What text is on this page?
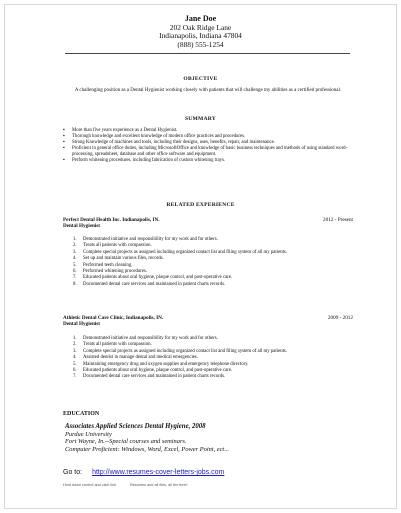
Jane Doe
202 Oak Ridge Lane
Indianapolis, Indiana 47804
(888) 555-1254
OBJECTIVE
A challenging position as a Dental Hygienist working closely with patients that will challenge my abilities as a certified professional.
SUMMARY
▪ More than five years experience as a Dental Hygienist.
▪ Thorough knowledge and excellent knowledge of modern office practices and procedures.
▪ Strong Knowledge of machines and tools, including their designs, uses, benefits, repair, and maintenance.
▪ Proficient in general office duties, including MicrosoftOffice and knowledge of basic business techniques and methods of using standard word-processing, spreadsheet, database and other office software and equipment.
▪ Perform whitening procedures, including fabrication of custom whitening trays.
RELATED EXPERIENCE
Perfect Dental Health Inc. Indianapolis, IN.	2012 - Present
Dental Hygienist
1.	Demonstrated initiative and responsibility for my work and for others.
2.	Treats all patients with compassion.
3.	Complete special projects as assigned including organized contact list and filing system of all my patients.
4.	Set up and maintain various files, records.
5.	Performed teeth cleaning.
6.	Performed whitening procedures.
7.	Educated patients about oral hygiene, plaque control, and post-operative care.
8.	Documented dental care services and maintained in patient charts records.
Athletic Dental Care Clinic, Indianapolis, IN.	2009 - 2012
Dental Hygienist
1.	Demonstrated initiative and responsibility for my work and for others.
2.	Treats all patients with compassion.
3.	Complete special projects as assigned including organized contact list and filing system of all my patients.
4.	Assisted dentist in manage dental and medical emergencies.
5.	Maintaining emergency drug and oxygen supplies and emergency telephone directory.
6.	Educated patients about oral hygiene, plaque control, and post-operative care.
7.	Documented dental care services and maintained in patient charts records.
EDUCATION
Associates Applied Sciences Dental Hygiene, 2008
Purdue University
Fort Wayne, In.--Special courses and seminars.
Computer Proficient: Windows, Word, Excel, Power Point, ect...
Go to: http://www.resumes-cover-letters-jobs.com
Hold down control and click link	Resumes and all files, all the time!
